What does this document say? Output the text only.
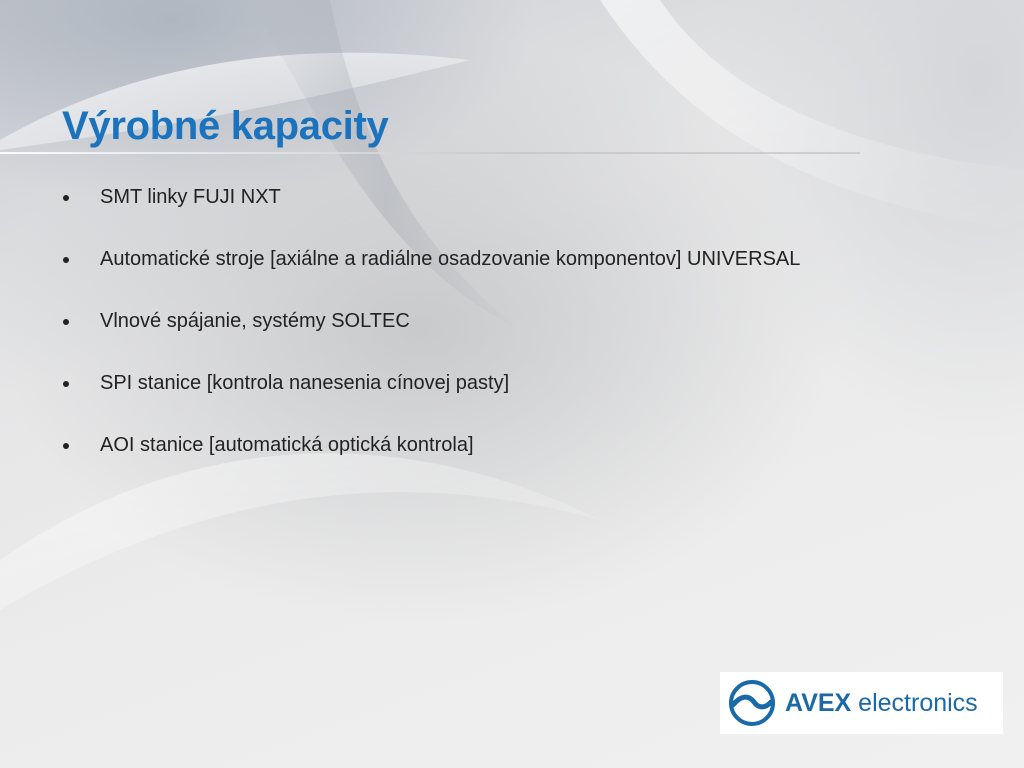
Výrobné kapacity
SMT linky FUJI NXT
Automatické stroje [axiálne a radiálne osadzovanie komponentov] UNIVERSAL
Vlnové spájanie, systémy SOLTEC
SPI stanice [kontrola nanesenia cínovej pasty]
AOI stanice [automatická optická kontrola]
AVEX electronics
